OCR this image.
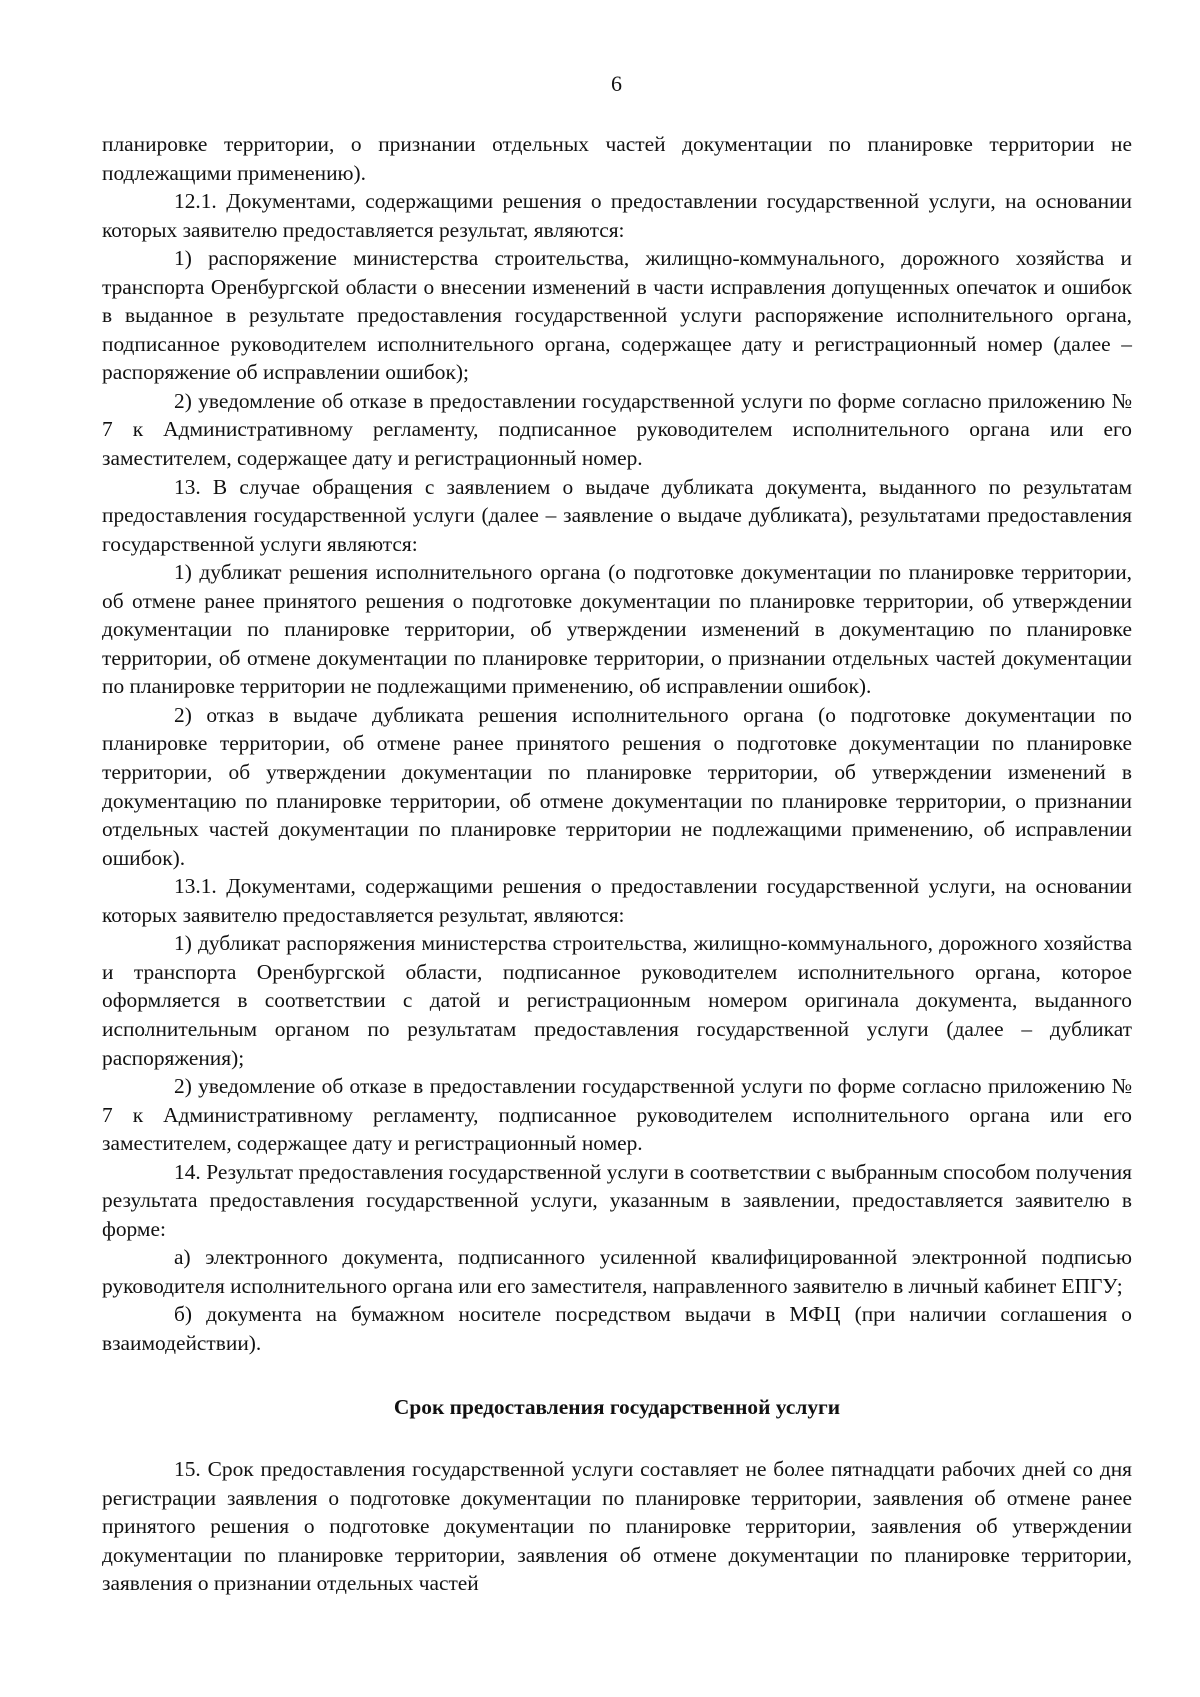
6

планировке территории, о признании отдельных частей документации по планировке территории не подлежащими применению).

12.1. Документами, содержащими решения о предоставлении государственной услуги, на основании которых заявителю предоставляется результат, являются:

1) распоряжение министерства строительства, жилищно-коммунального, дорожного хозяйства и транспорта Оренбургской области о внесении изменений в части исправления допущенных опечаток и ошибок в выданное в результате предоставления государственной услуги распоряжение исполнительного органа, подписанное руководителем исполнительного органа, содержащее дату и регистрационный номер (далее – распоряжение об исправлении ошибок);

2) уведомление об отказе в предоставлении государственной услуги по форме согласно приложению № 7 к Административному регламенту, подписанное руководителем исполнительного органа или его заместителем, содержащее дату и регистрационный номер.

13. В случае обращения с заявлением о выдаче дубликата документа, выданного по результатам предоставления государственной услуги (далее – заявление о выдаче дубликата), результатами предоставления государственной услуги являются:

1) дубликат решения исполнительного органа (о подготовке документации по планировке территории, об отмене ранее принятого решения о подготовке документации по планировке территории, об утверждении документации по планировке территории, об утверждении изменений в документацию по планировке территории, об отмене документации по планировке территории, о признании отдельных частей документации по планировке территории не подлежащими применению, об исправлении ошибок).

2) отказ в выдаче дубликата решения исполнительного органа (о подготовке документации по планировке территории, об отмене ранее принятого решения о подготовке документации по планировке территории, об утверждении документации по планировке территории, об утверждении изменений в документацию по планировке территории, об отмене документации по планировке территории, о признании отдельных частей документации по планировке территории не подлежащими применению, об исправлении ошибок).

13.1. Документами, содержащими решения о предоставлении государственной услуги, на основании которых заявителю предоставляется результат, являются:

1) дубликат распоряжения министерства строительства, жилищно-коммунального, дорожного хозяйства и транспорта Оренбургской области, подписанное руководителем исполнительного органа, которое оформляется в соответствии с датой и регистрационным номером оригинала документа, выданного исполнительным органом по результатам предоставления государственной услуги (далее – дубликат распоряжения);

2) уведомление об отказе в предоставлении государственной услуги по форме согласно приложению № 7 к Административному регламенту, подписанное руководителем исполнительного органа или его заместителем, содержащее дату и регистрационный номер.

14. Результат предоставления государственной услуги в соответствии с выбранным способом получения результата предоставления государственной услуги, указанным в заявлении, предоставляется заявителю в форме:

а) электронного документа, подписанного усиленной квалифицированной электронной подписью руководителя исполнительного органа или его заместителя, направленного заявителю в личный кабинет ЕПГУ;

б) документа на бумажном носителе посредством выдачи в МФЦ (при наличии соглашения о взаимодействии).

Срок предоставления государственной услуги

15. Срок предоставления государственной услуги составляет не более пятнадцати рабочих дней со дня регистрации заявления о подготовке документации по планировке территории, заявления об отмене ранее принятого решения о подготовке документации по планировке территории, заявления об утверждении документации по планировке территории, заявления об отмене документации по планировке территории, заявления о признании отдельных частей
